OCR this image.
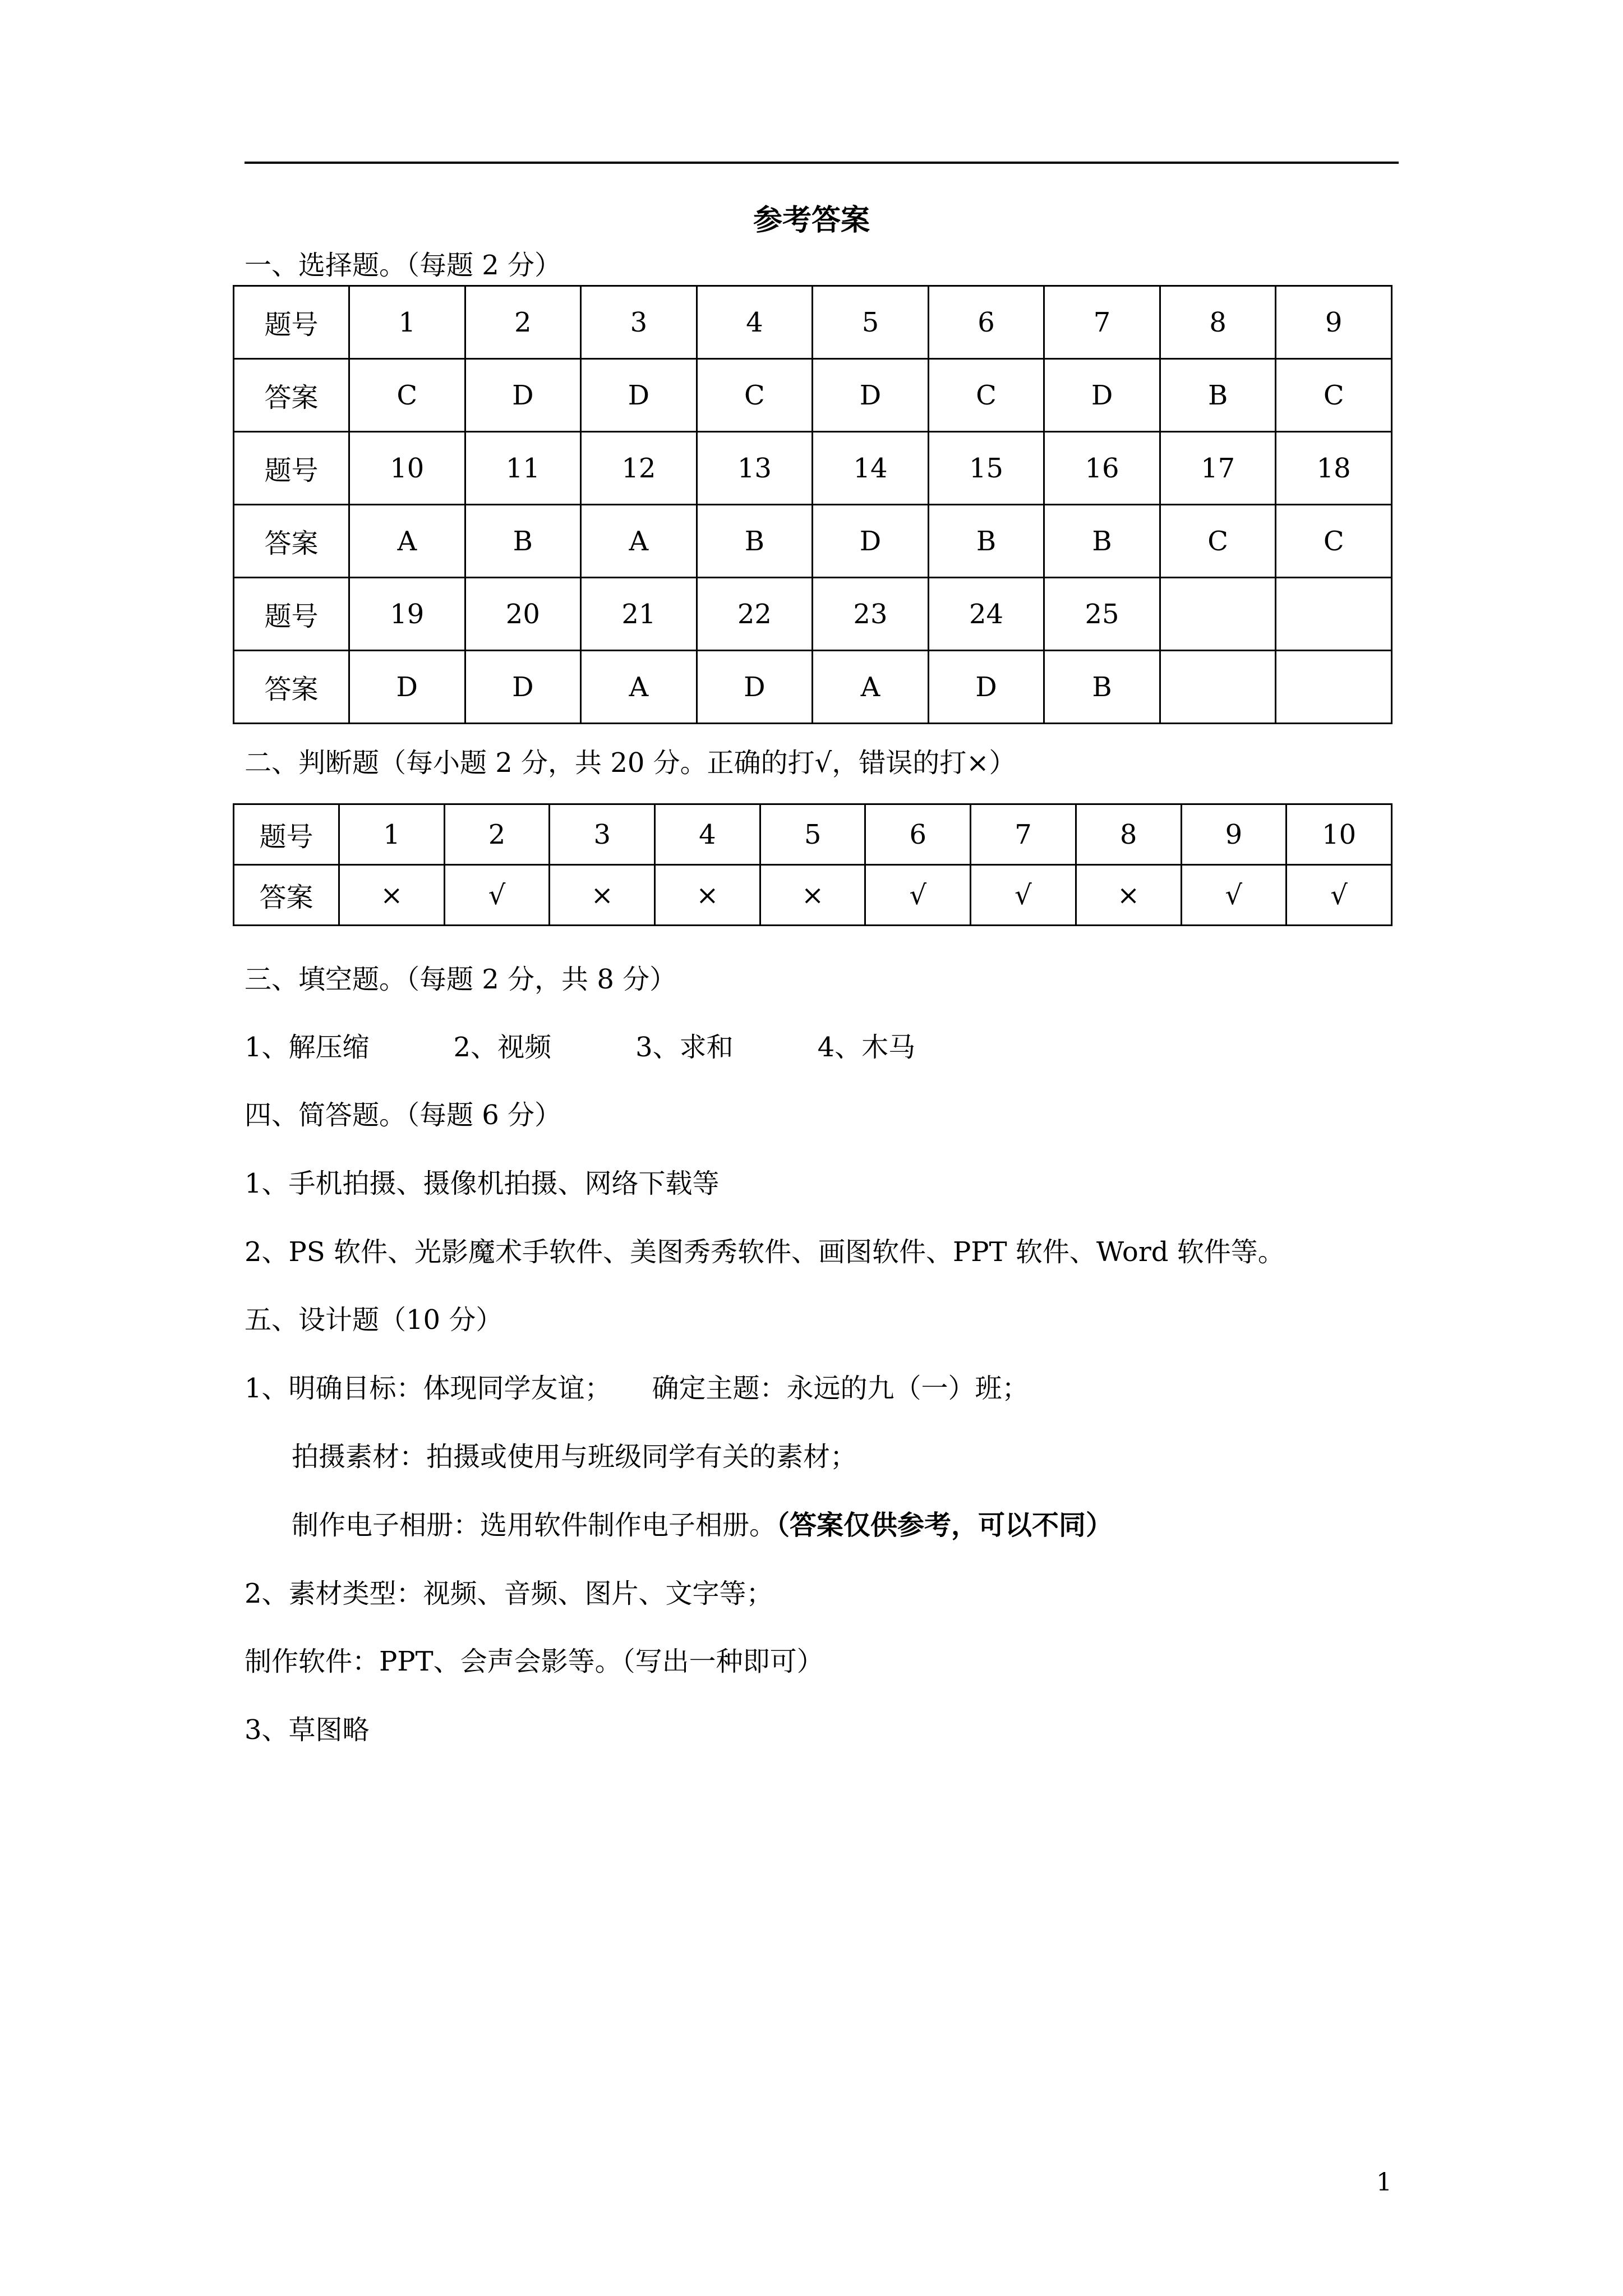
参考答案
一、选择题。（每题 2 分）
题号	1	2	3	4	5	6	7	8	9
答案	C	D	D	C	D	C	D	B	C
题号	10	11	12	13	14	15	16	17	18
答案	A	B	A	B	D	B	B	C	C
题号	19	20	21	22	23	24	25		
答案	D	D	A	D	A	D	B		
二、判断题（每小题 2 分，共 20 分。正确的打√，错误的打×）
题号	1	2	3	4	5	6	7	8	9	10
答案	×	√	×	×	×	√	√	×	√	√
三、填空题。（每题 2 分，共 8 分）
1、解压缩	2、视频	3、求和	4、木马
四、简答题。（每题 6 分）
1、手机拍摄、摄像机拍摄、网络下载等
2、PS 软件、光影魔术手软件、美图秀秀软件、画图软件、PPT 软件、Word 软件等。
五、设计题（10 分）
1、明确目标：体现同学友谊；　　确定主题：永远的九（一）班；
拍摄素材：拍摄或使用与班级同学有关的素材；
制作电子相册：选用软件制作电子相册。（答案仅供参考，可以不同）
2、素材类型：视频、音频、图片、文字等；
制作软件：PPT、会声会影等。（写出一种即可）
3、草图略
1
